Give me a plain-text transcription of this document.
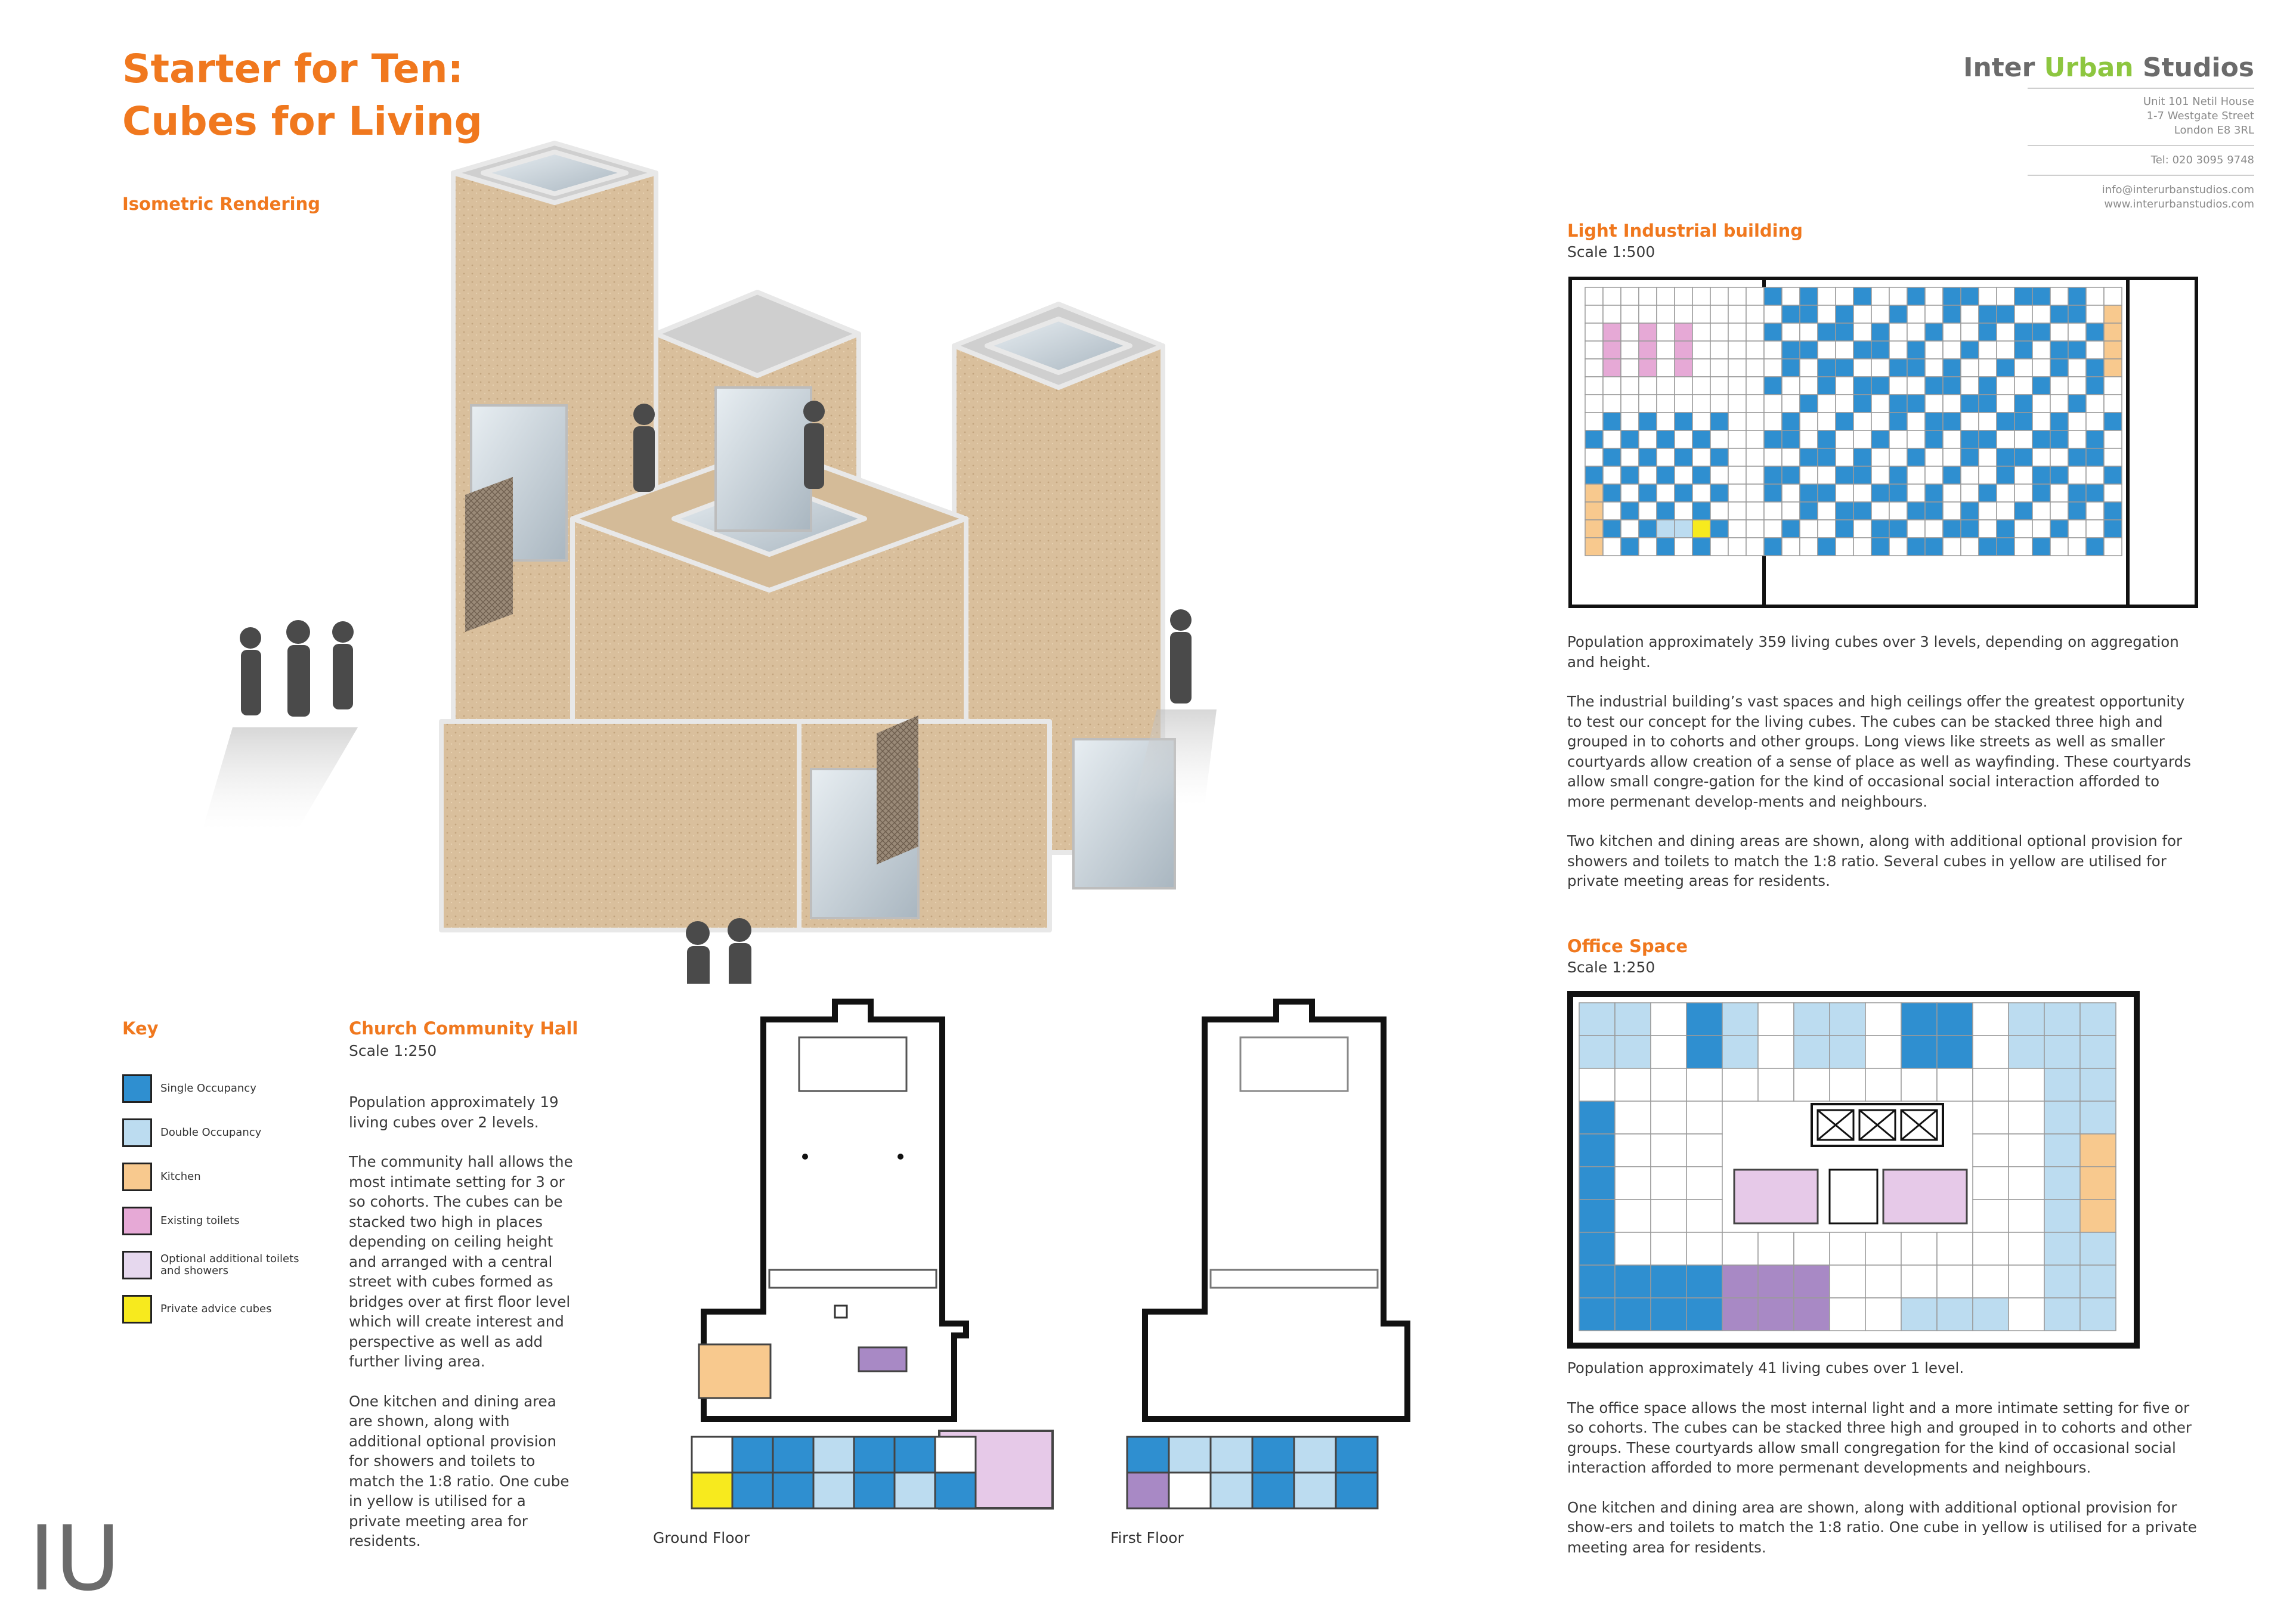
Starter for Ten:
Cubes for Living
Inter Urban Studios
Unit 101 Netil House
1-7 Westgate Street
London E8 3RL
Tel: 020 3095 9748
info@interurbanstudios.com
www.interurbanstudios.com
Isometric Rendering
Key
Single Occupancy
Double Occupancy
Kitchen
Existing toilets
Optional additional toilets and showers
Private advice cubes
Church Community Hall
Scale 1:250

Population approximately 19 living cubes over 2 levels.

The community hall allows the most intimate setting for 3 or so cohorts. The cubes can be stacked two high in places depending on ceiling height and arranged with a central street with cubes formed as bridges over at first floor level which will create interest and perspective as well as add further living area.

One kitchen and dining area are shown, along with additional optional provision for showers and toilets to match the 1:8 ratio. One cube in yellow is utilised for a private meeting area for residents.	Ground Floor	First Floor
Light Industrial building
Scale 1:500

Population approximately 359 living cubes over 3 levels, depending on aggregation and height.

The industrial building’s vast spaces and high ceilings offer the greatest opportunity to test our concept for the living cubes. The cubes can be stacked three high and grouped in to cohorts and other groups. Long views like streets as well as smaller courtyards allow creation of a sense of place as well as wayfinding. These courtyards allow small congre-gation for the kind of occasional social interaction afforded to more permenant develop-ments and neighbours.

Two kitchen and dining areas are shown, along with additional optional provision for showers and toilets to match the 1:8 ratio. Several cubes in yellow are utilised for private meeting areas for residents.

Office Space
Scale 1:250

Population approximately 41 living cubes over 1 level.

The office space allows the most internal light and a more intimate setting for five or so cohorts. The cubes can be stacked three high and grouped in to cohorts and other groups. These courtyards allow small congregation for the kind of occasional social interaction afforded to more permenant developments and neighbours.

One kitchen and dining area are shown, along with additional optional provision for show-ers and toilets to match the 1:8 ratio. One cube in yellow is utilised for a private meeting area for residents.

IU
